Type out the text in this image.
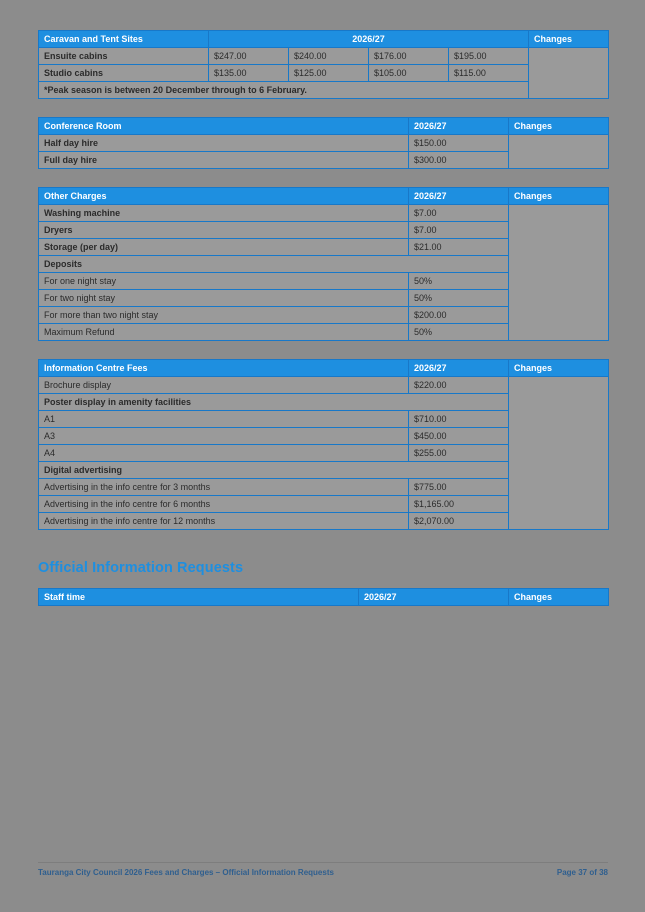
Caravan and Tent Sites	2026/27				Changes
Ensuite cabins	$247.00	$240.00	$176.00	$195.00	
Studio cabins	$135.00	$125.00	$105.00	$115.00	
*Peak season is between 20 December through to 6 February.					
Conference Room	2026/27	Changes
Half day hire	$150.00	
Full day hire	$300.00	
Other Charges	2026/27	Changes
Washing machine	$7.00	
Dryers	$7.00	
Storage (per day)	$21.00	
Deposits		
For one night stay	50%	
For two night stay	50%	
For more than two night stay	$200.00	
Maximum Refund	50%	
Information Centre Fees	2026/27	Changes
Brochure display	$220.00	
Poster display in amenity facilities		
A1	$710.00	
A3	$450.00	
A4	$255.00	
Digital advertising		
Advertising in the info centre for 3 months	$775.00	
Advertising in the info centre for 6 months	$1,165.00	
Advertising in the info centre for 12 months	$2,070.00	
Official Information Requests
Staff time	2026/27	Changes
Tauranga City Council 2026 Fees and Charges – Official Information Requests	Page 37 of 38
